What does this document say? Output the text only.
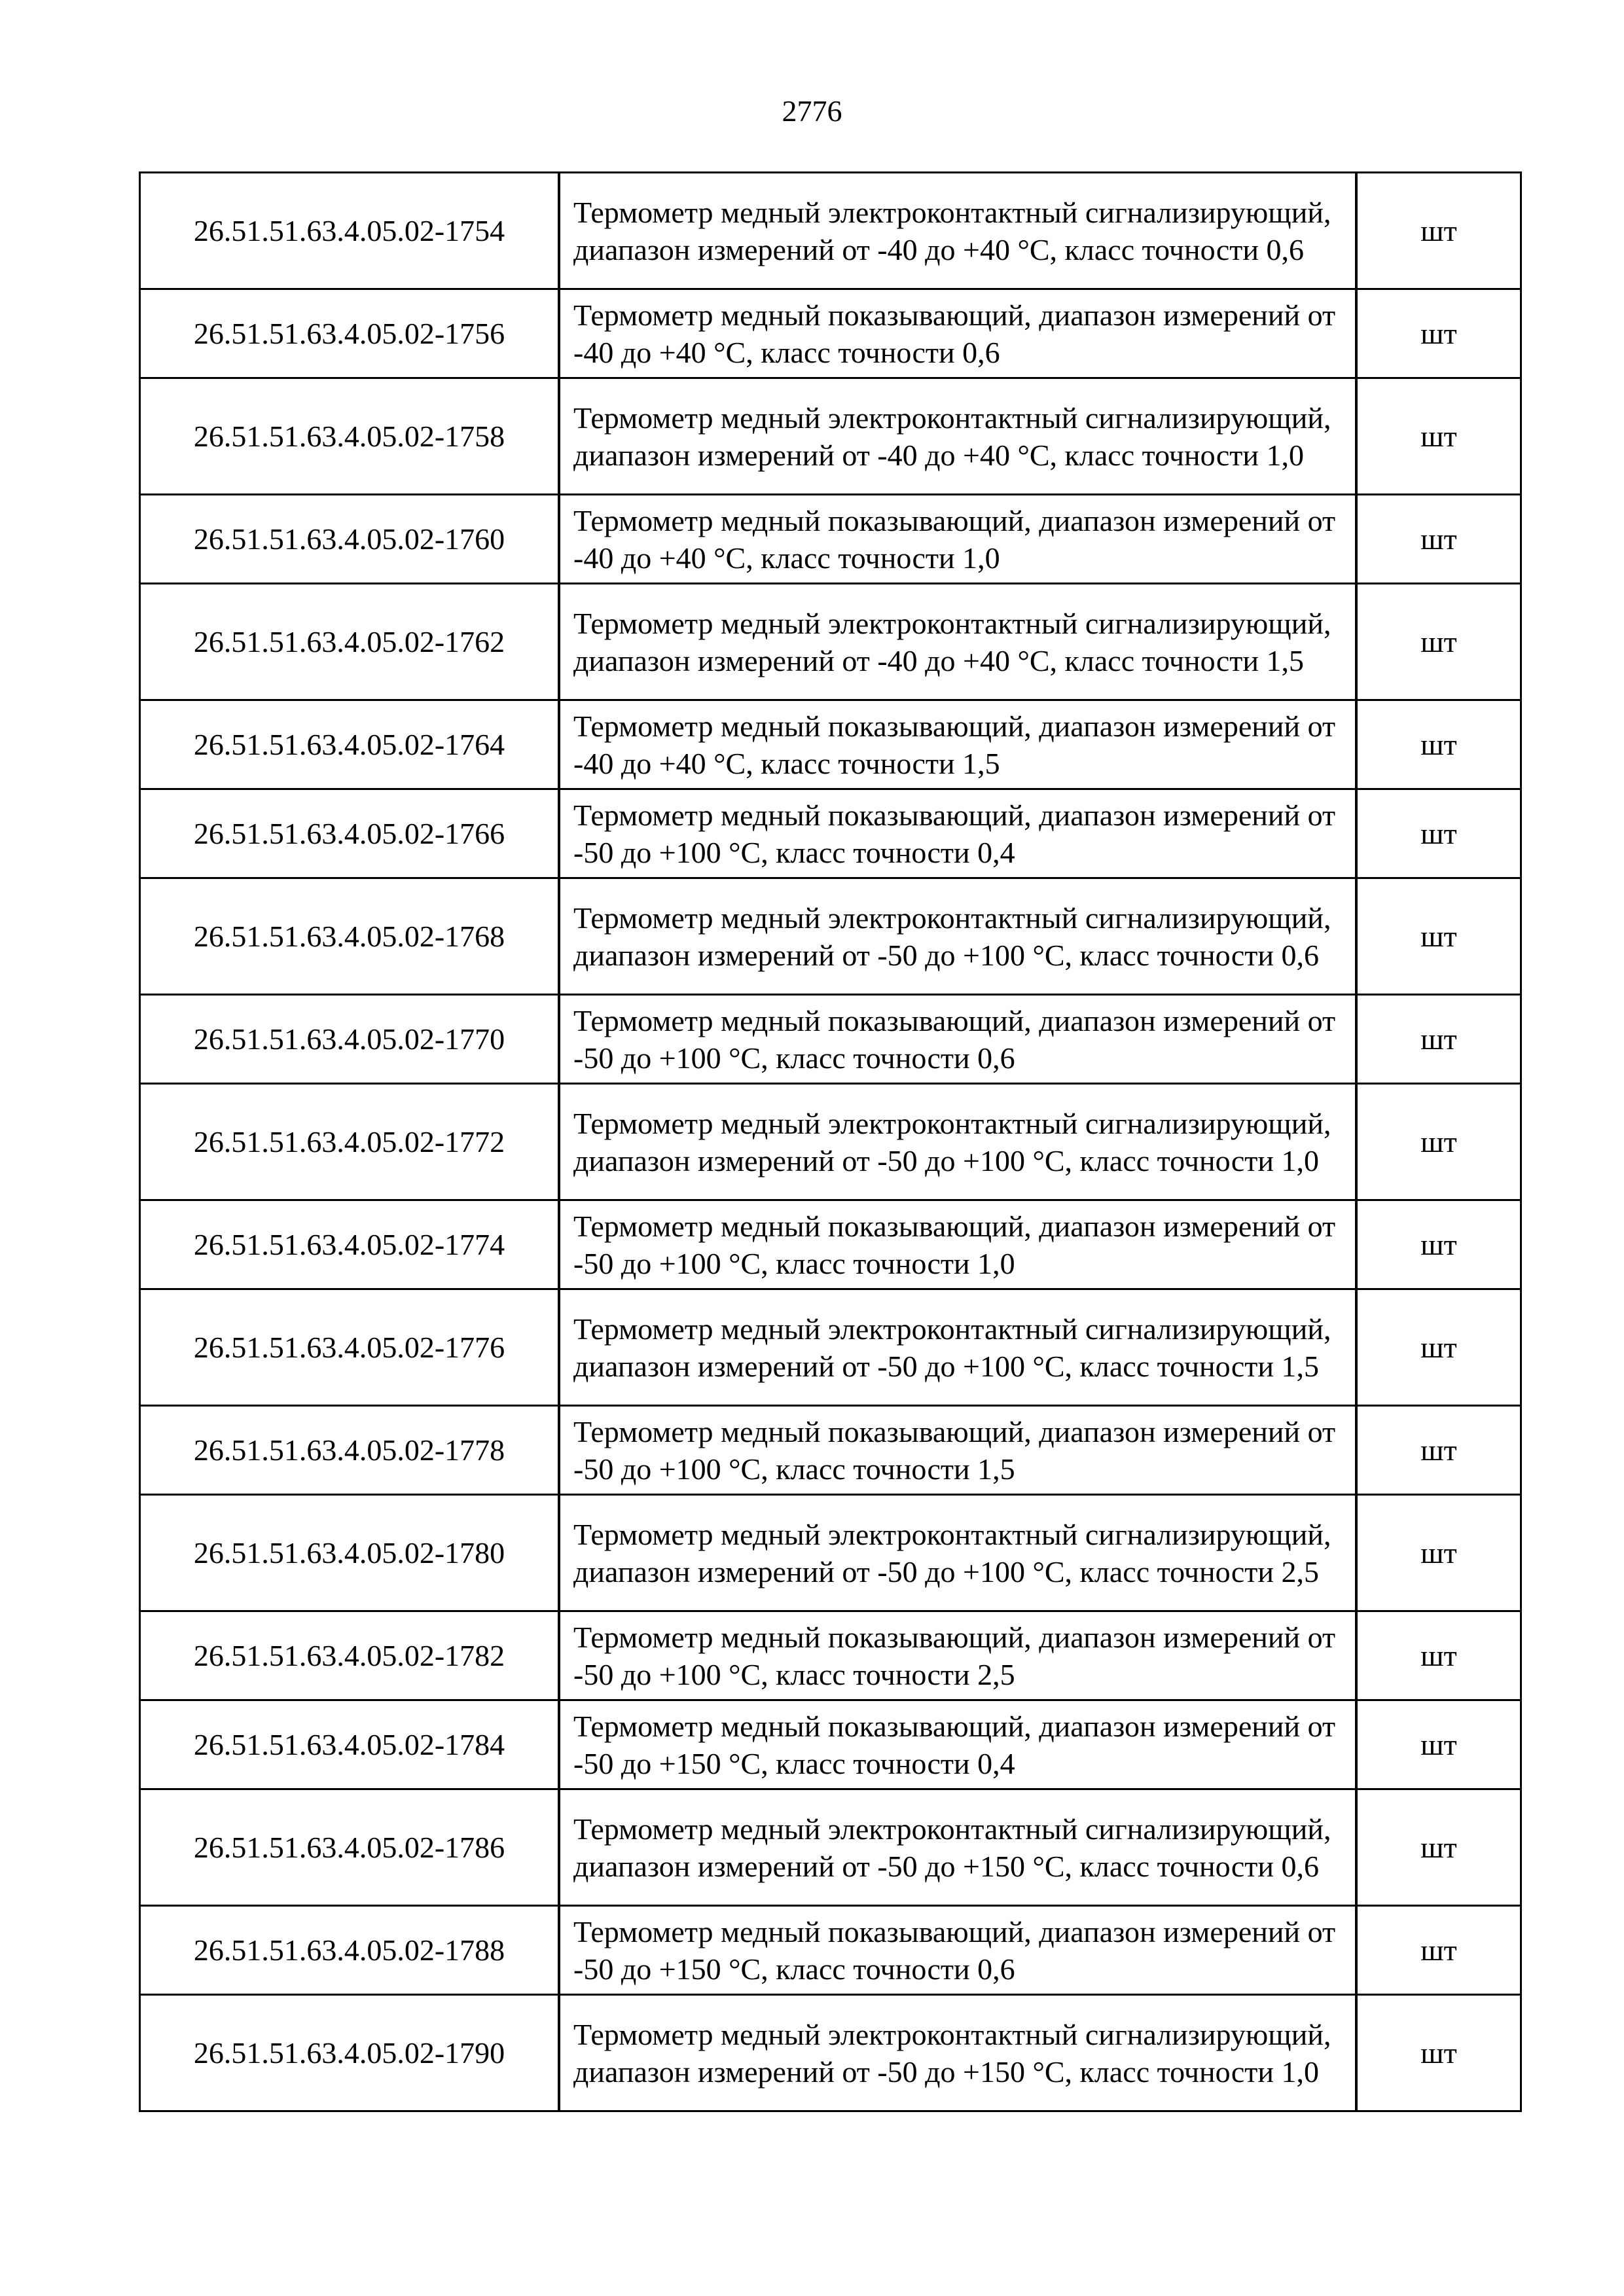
2776
26.51.51.63.4.05.02-1754	Термометр медный электроконтактный сигнализирующий, диапазон измерений от -40 до +40 °С, класс точности 0,6	шт
26.51.51.63.4.05.02-1756	Термометр медный показывающий, диапазон измерений от -40 до +40 °С, класс точности 0,6	шт
26.51.51.63.4.05.02-1758	Термометр медный электроконтактный сигнализирующий, диапазон измерений от -40 до +40 °С, класс точности 1,0	шт
26.51.51.63.4.05.02-1760	Термометр медный показывающий, диапазон измерений от -40 до +40 °С, класс точности 1,0	шт
26.51.51.63.4.05.02-1762	Термометр медный электроконтактный сигнализирующий, диапазон измерений от -40 до +40 °С, класс точности 1,5	шт
26.51.51.63.4.05.02-1764	Термометр медный показывающий, диапазон измерений от -40 до +40 °С, класс точности 1,5	шт
26.51.51.63.4.05.02-1766	Термометр медный показывающий, диапазон измерений от -50 до +100 °С, класс точности 0,4	шт
26.51.51.63.4.05.02-1768	Термометр медный электроконтактный сигнализирующий, диапазон измерений от -50 до +100 °С, класс точности 0,6	шт
26.51.51.63.4.05.02-1770	Термометр медный показывающий, диапазон измерений от -50 до +100 °С, класс точности 0,6	шт
26.51.51.63.4.05.02-1772	Термометр медный электроконтактный сигнализирующий, диапазон измерений от -50 до +100 °С, класс точности 1,0	шт
26.51.51.63.4.05.02-1774	Термометр медный показывающий, диапазон измерений от -50 до +100 °С, класс точности 1,0	шт
26.51.51.63.4.05.02-1776	Термометр медный электроконтактный сигнализирующий, диапазон измерений от -50 до +100 °С, класс точности 1,5	шт
26.51.51.63.4.05.02-1778	Термометр медный показывающий, диапазон измерений от -50 до +100 °С, класс точности 1,5	шт
26.51.51.63.4.05.02-1780	Термометр медный электроконтактный сигнализирующий, диапазон измерений от -50 до +100 °С, класс точности 2,5	шт
26.51.51.63.4.05.02-1782	Термометр медный показывающий, диапазон измерений от -50 до +100 °С, класс точности 2,5	шт
26.51.51.63.4.05.02-1784	Термометр медный показывающий, диапазон измерений от -50 до +150 °С, класс точности 0,4	шт
26.51.51.63.4.05.02-1786	Термометр медный электроконтактный сигнализирующий, диапазон измерений от -50 до +150 °С, класс точности 0,6	шт
26.51.51.63.4.05.02-1788	Термометр медный показывающий, диапазон измерений от -50 до +150 °С, класс точности 0,6	шт
26.51.51.63.4.05.02-1790	Термометр медный электроконтактный сигнализирующий, диапазон измерений от -50 до +150 °С, класс точности 1,0	шт
